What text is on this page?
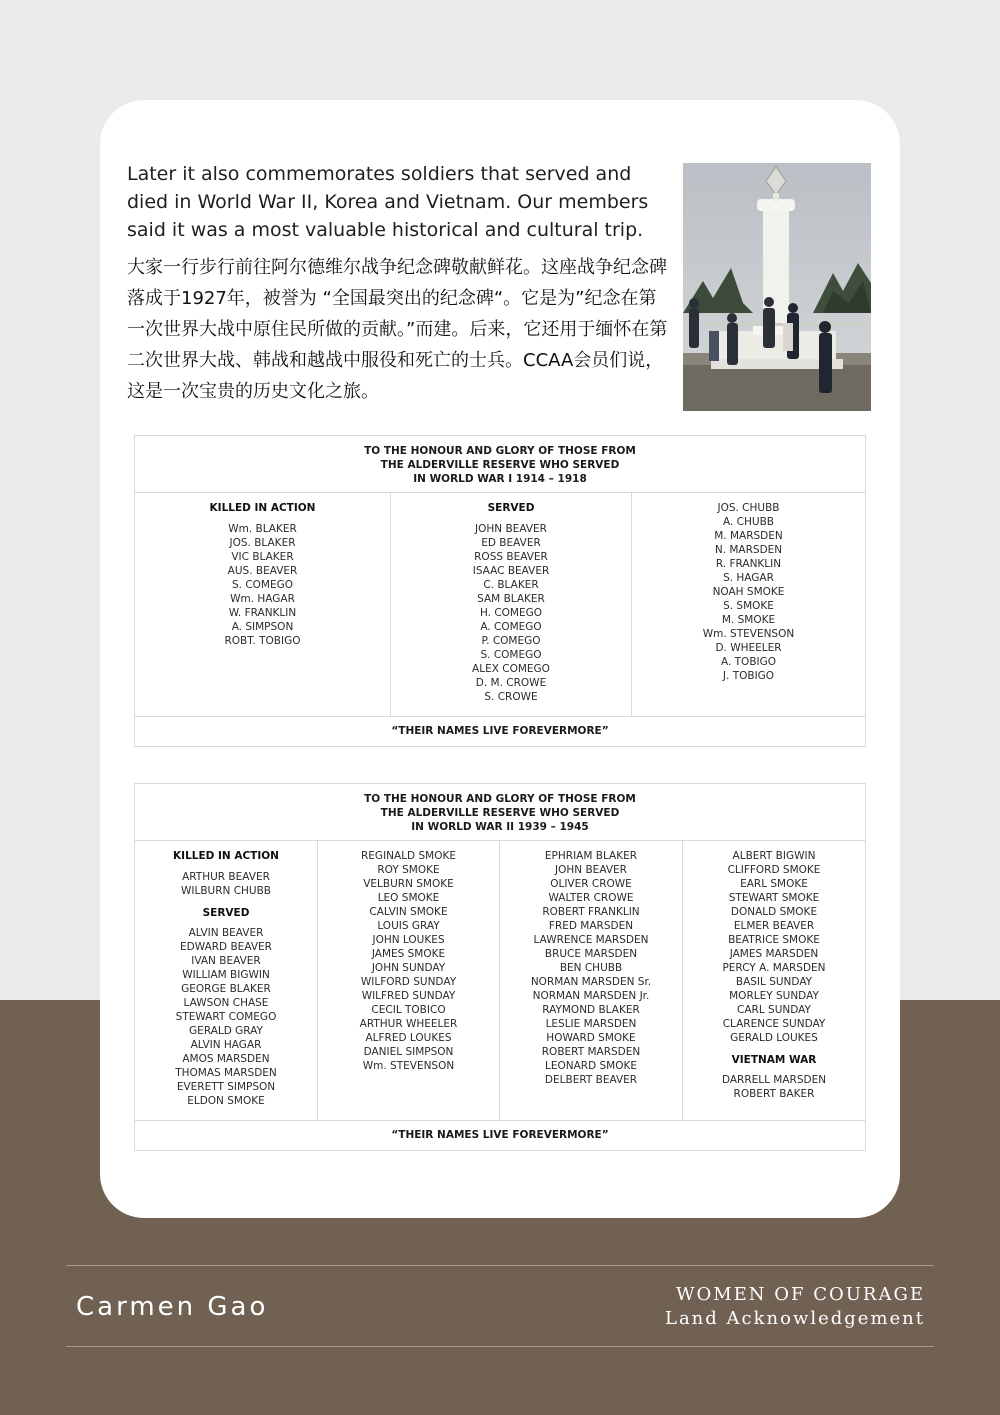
Later it also commemorates soldiers that served and died in World War II, Korea and Vietnam. Our members said it was a most valuable historical and cultural trip.

大家一行步行前往阿尔德维尔战争纪念碑敬献鲜花。这座战争纪念碑落成于1927年，被誉为 “全国最突出的纪念碑“。它是为”纪念在第一次世界大战中原住民所做的贡献。”而建。后来，它还用于缅怀在第二次世界大战、韩战和越战中服役和死亡的士兵。CCAA会员们说，这是一次宝贵的历史文化之旅。

TO THE HONOUR AND GLORY OF THOSE FROM
THE ALDERVILLE RESERVE WHO SERVED
IN WORLD WAR I 1914 – 1918
KILLED IN ACTION
Wm. BLAKER
JOS. BLAKER
VIC BLAKER
AUS. BEAVER
S. COMEGO
Wm. HAGAR
W. FRANKLIN
A. SIMPSON
ROBT. TOBIGO
SERVED
JOHN BEAVER
ED BEAVER
ROSS BEAVER
ISAAC BEAVER
C. BLAKER
SAM BLAKER
H. COMEGO
A. COMEGO
P. COMEGO
S. COMEGO
ALEX COMEGO
D. M. CROWE
S. CROWE
JOS. CHUBB
A. CHUBB
M. MARSDEN
N. MARSDEN
R. FRANKLIN
S. HAGAR
NOAH SMOKE
S. SMOKE
M. SMOKE
Wm. STEVENSON
D. WHEELER
A. TOBIGO
J. TOBIGO
“THEIR NAMES LIVE FOREVERMORE”
TO THE HONOUR AND GLORY OF THOSE FROM
THE ALDERVILLE RESERVE WHO SERVED
IN WORLD WAR II 1939 – 1945
KILLED IN ACTION
ARTHUR BEAVER
WILBURN CHUBB
SERVED
ALVIN BEAVER
EDWARD BEAVER
IVAN BEAVER
WILLIAM BIGWIN
GEORGE BLAKER
LAWSON CHASE
STEWART COMEGO
GERALD GRAY
ALVIN HAGAR
AMOS MARSDEN
THOMAS MARSDEN
EVERETT SIMPSON
ELDON SMOKE
REGINALD SMOKE
ROY SMOKE
VELBURN SMOKE
LEO SMOKE
CALVIN SMOKE
LOUIS GRAY
JOHN LOUKES
JAMES SMOKE
JOHN SUNDAY
WILFORD SUNDAY
WILFRED SUNDAY
CECIL TOBICO
ARTHUR WHEELER
ALFRED LOUKES
DANIEL SIMPSON
Wm. STEVENSON
EPHRIAM BLAKER
JOHN BEAVER
OLIVER CROWE
WALTER CROWE
ROBERT FRANKLIN
FRED MARSDEN
LAWRENCE MARSDEN
BRUCE MARSDEN
BEN CHUBB
NORMAN MARSDEN Sr.
NORMAN MARSDEN Jr.
RAYMOND BLAKER
LESLIE MARSDEN
HOWARD SMOKE
ROBERT MARSDEN
LEONARD SMOKE
DELBERT BEAVER
ALBERT BIGWIN
CLIFFORD SMOKE
EARL SMOKE
STEWART SMOKE
DONALD SMOKE
ELMER BEAVER
BEATRICE SMOKE
JAMES MARSDEN
PERCY A. MARSDEN
BASIL SUNDAY
MORLEY SUNDAY
CARL SUNDAY
CLARENCE SUNDAY
GERALD LOUKES
VIETNAM WAR
DARRELL MARSDEN
ROBERT BAKER
“THEIR NAMES LIVE FOREVERMORE”
Carmen Gao	WOMEN OF COURAGE
Land Acknowledgement
